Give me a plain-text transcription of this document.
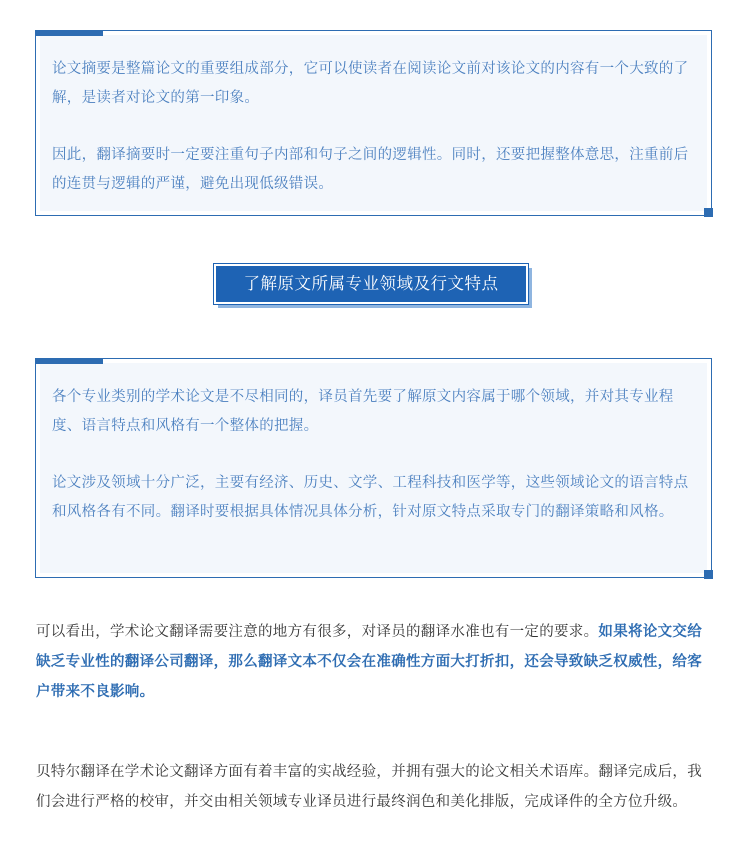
论文摘要是整篇论文的重要组成部分，它可以使读者在阅读论文前对该论文的内容有一个大致的了解，是读者对论文的第一印象。

因此，翻译摘要时一定要注重句子内部和句子之间的逻辑性。同时，还要把握整体意思，注重前后的连贯与逻辑的严谨，避免出现低级错误。

了解原文所属专业领域及行文特点

各个专业类别的学术论文是不尽相同的，译员首先要了解原文内容属于哪个领域，并对其专业程度、语言特点和风格有一个整体的把握。

论文涉及领域十分广泛，主要有经济、历史、文学、工程科技和医学等，这些领域论文的语言特点和风格各有不同。翻译时要根据具体情况具体分析，针对原文特点采取专门的翻译策略和风格。

可以看出，学术论文翻译需要注意的地方有很多，对译员的翻译水准也有一定的要求。如果将论文交给缺乏专业性的翻译公司翻译，那么翻译文本不仅会在准确性方面大打折扣，还会导致缺乏权威性，给客户带来不良影响。
贝特尔翻译在学术论文翻译方面有着丰富的实战经验，并拥有强大的论文相关术语库。翻译完成后，我们会进行严格的校审，并交由相关领域专业译员进行最终润色和美化排版，完成译件的全方位升级。
